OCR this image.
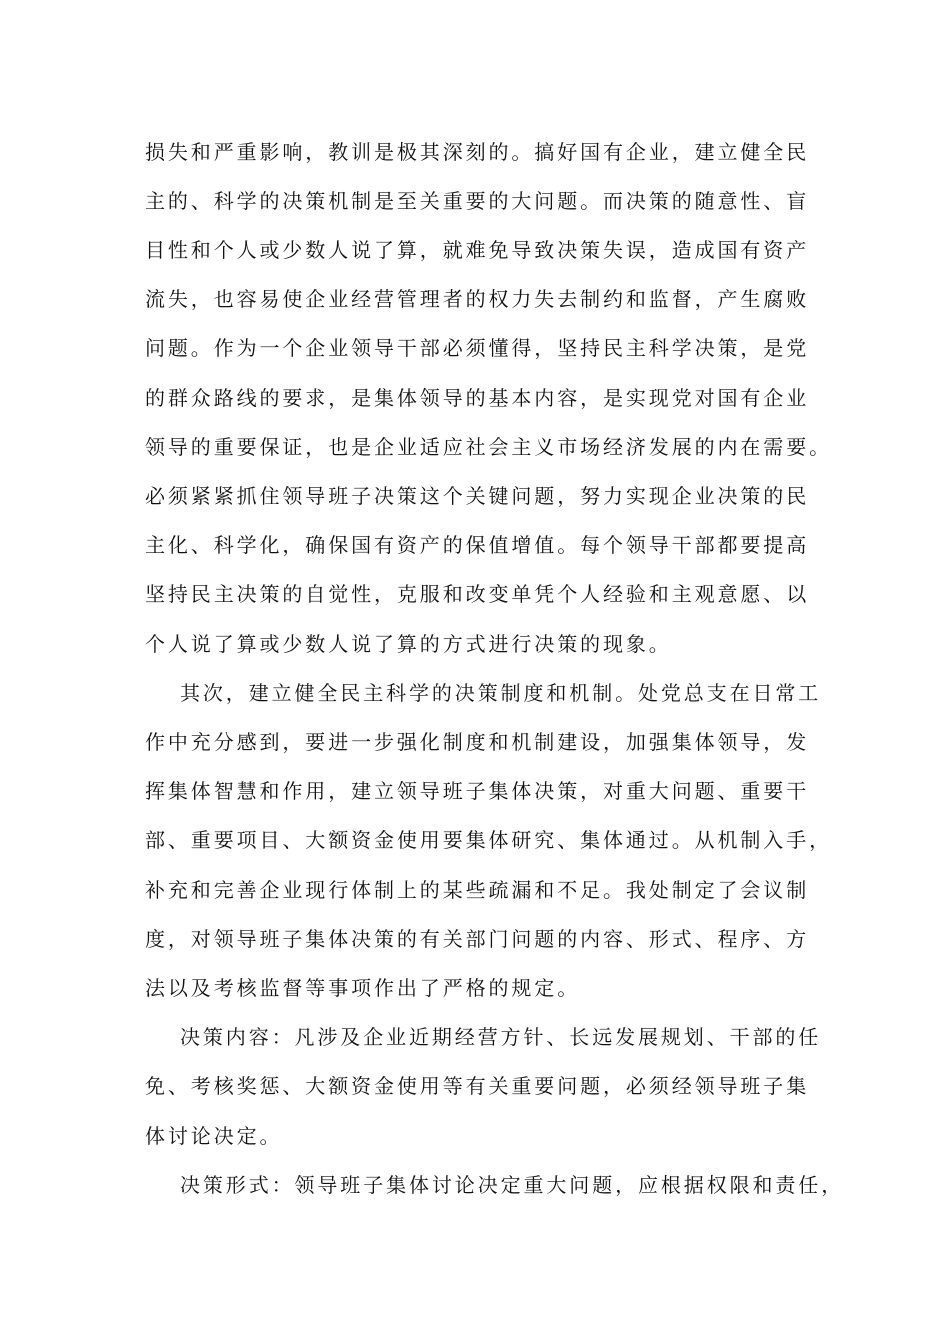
损失和严重影响，教训是极其深刻的。搞好国有企业，建立健全民
主的、科学的决策机制是至关重要的大问题。而决策的随意性、盲
目性和个人或少数人说了算，就难免导致决策失误，造成国有资产
流失，也容易使企业经营管理者的权力失去制约和监督，产生腐败
问题。作为一个企业领导干部必须懂得，坚持民主科学决策，是党
的群众路线的要求，是集体领导的基本内容，是实现党对国有企业
领导的重要保证，也是企业适应社会主义市场经济发展的内在需要。
必须紧紧抓住领导班子决策这个关键问题，努力实现企业决策的民
主化、科学化，确保国有资产的保值增值。每个领导干部都要提高
坚持民主决策的自觉性，克服和改变单凭个人经验和主观意愿、以
个人说了算或少数人说了算的方式进行决策的现象。
其次，建立健全民主科学的决策制度和机制。处党总支在日常工
作中充分感到，要进一步强化制度和机制建设，加强集体领导，发
挥集体智慧和作用，建立领导班子集体决策，对重大问题、重要干
部、重要项目、大额资金使用要集体研究、集体通过。从机制入手，
补充和完善企业现行体制上的某些疏漏和不足。我处制定了会议制
度，对领导班子集体决策的有关部门问题的内容、形式、程序、方
法以及考核监督等事项作出了严格的规定。
决策内容：凡涉及企业近期经营方针、长远发展规划、干部的任
免、考核奖惩、大额资金使用等有关重要问题，必须经领导班子集
体讨论决定。
决策形式：领导班子集体讨论决定重大问题，应根据权限和责任，
